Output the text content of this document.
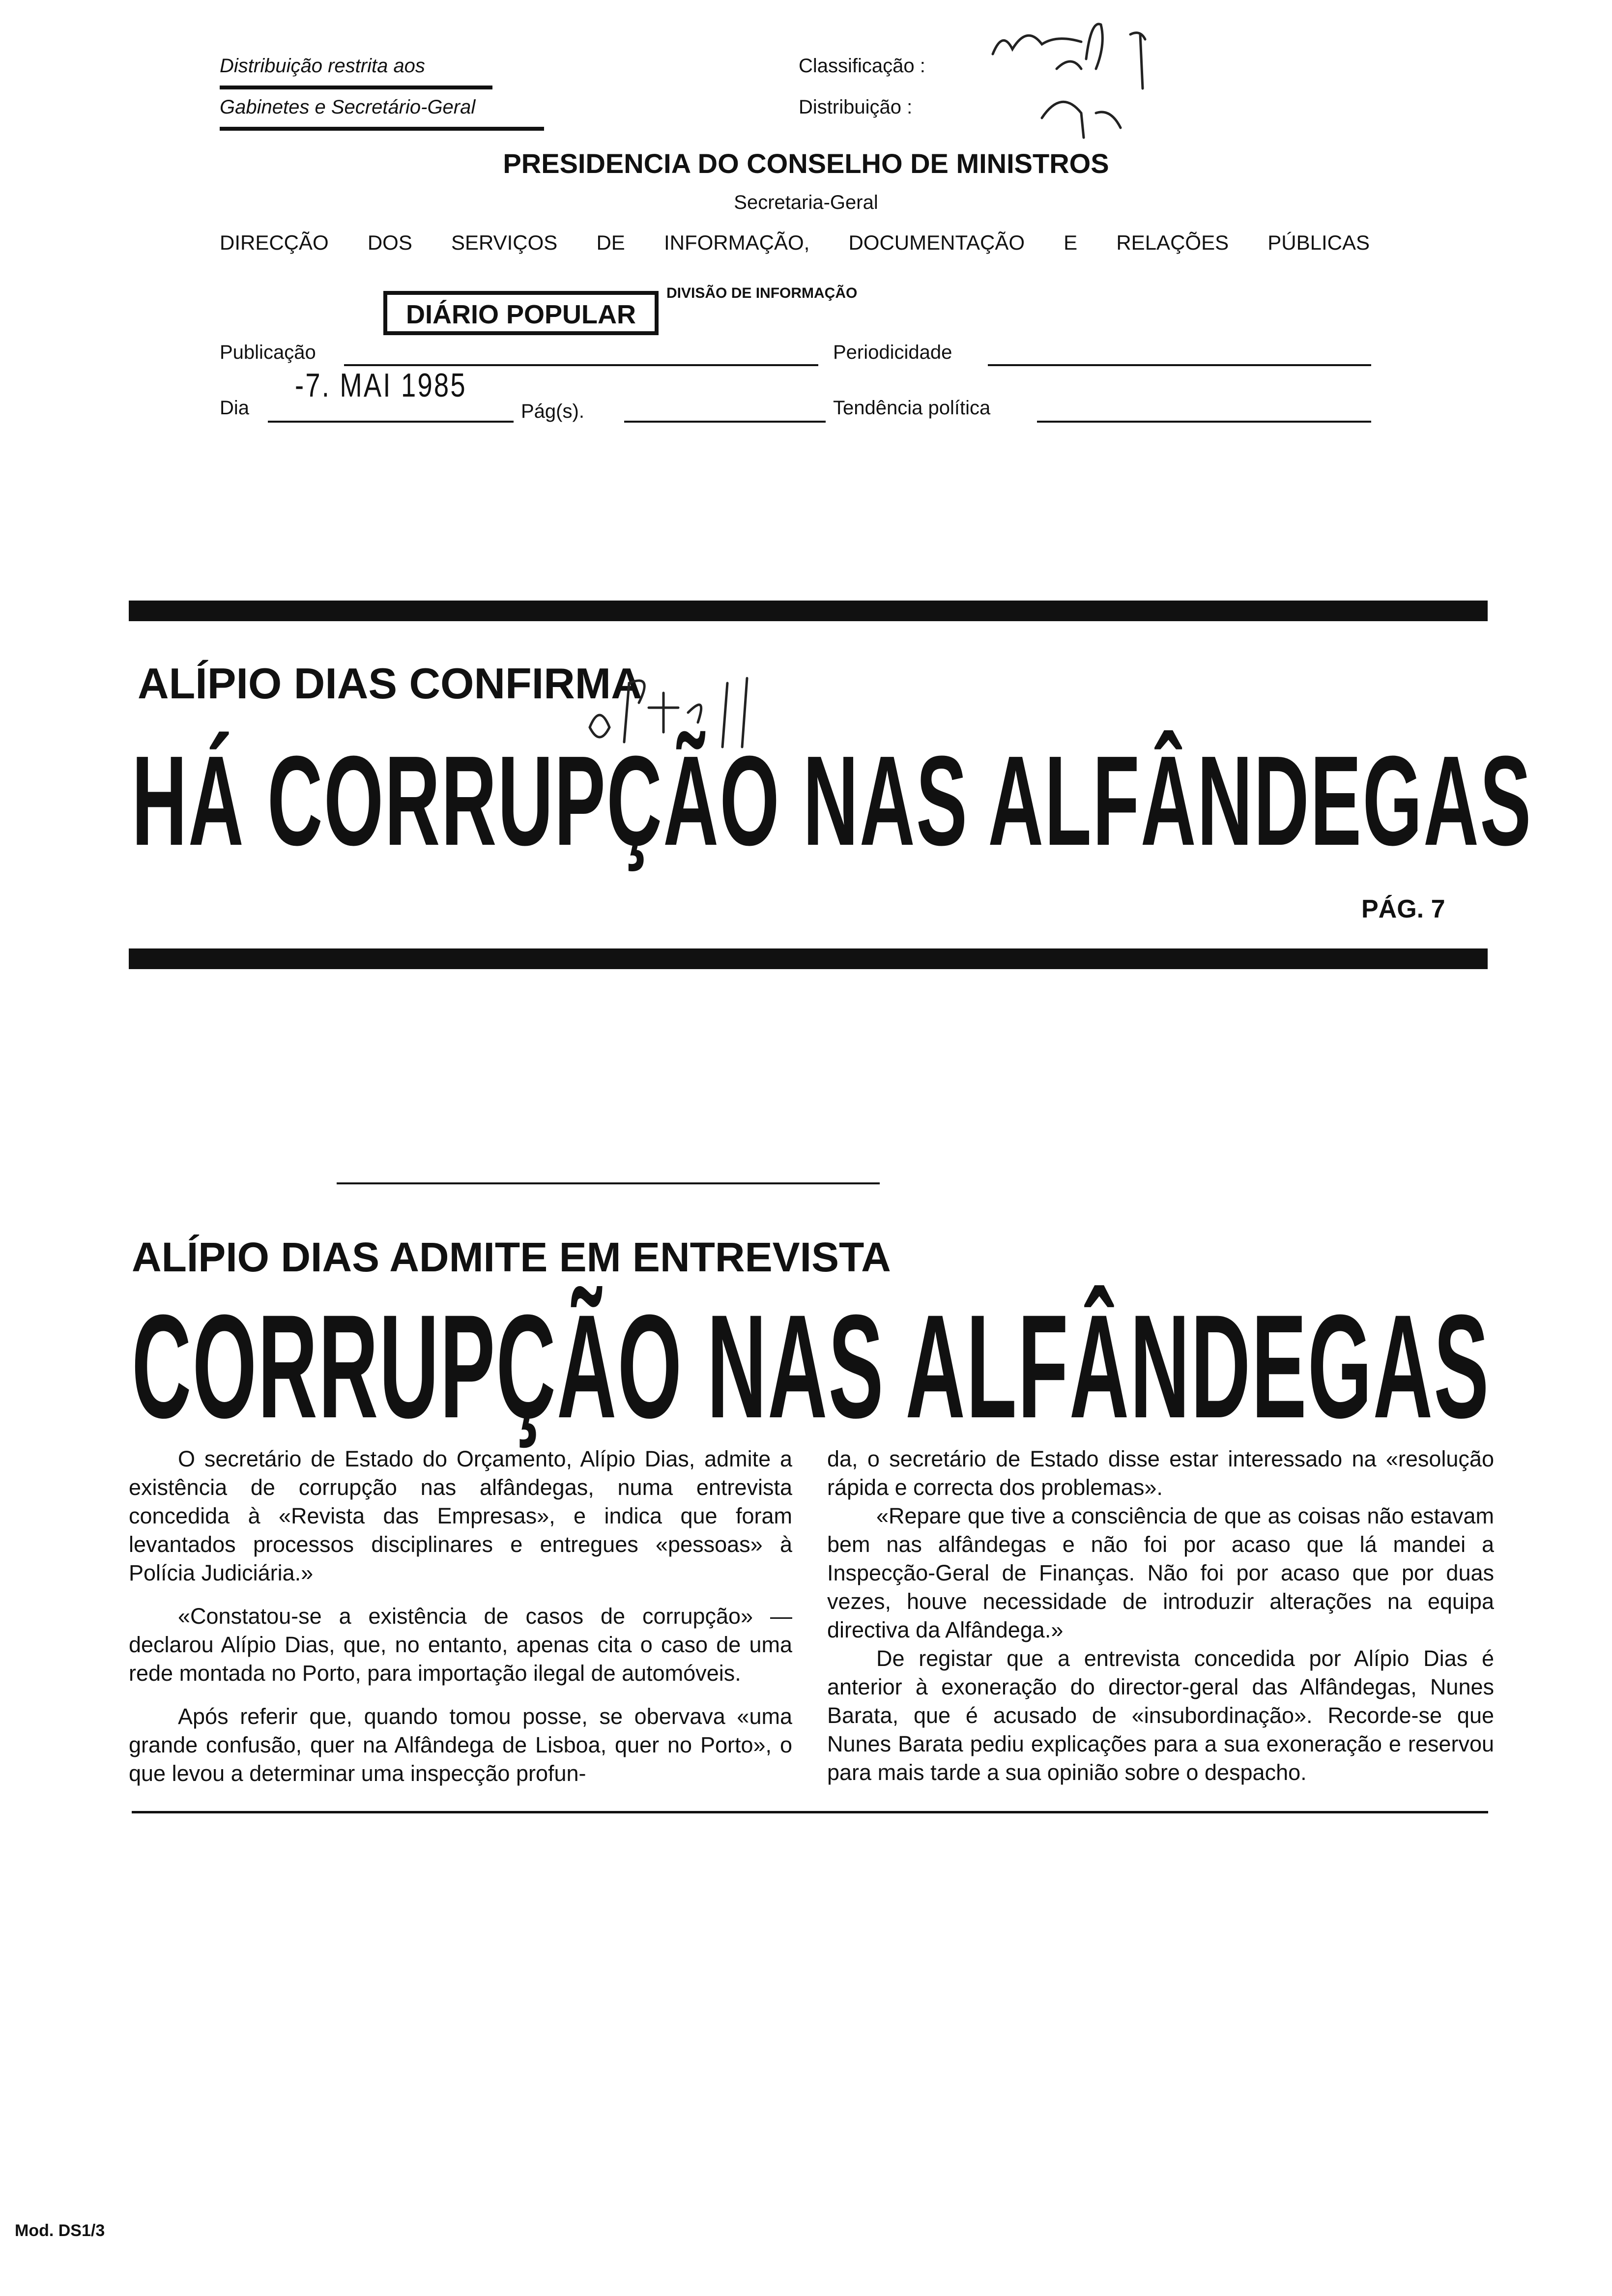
Distribuição restrita aos
Gabinetes e Secretário-Geral
Classificação :
Distribuição :
PRESIDENCIA DO CONSELHO DE MINISTROS
Secretaria-Geral
DIRECÇÃO DOS SERVIÇOS DE INFORMAÇÃO, DOCUMENTAÇÃO E RELAÇÕES PÚBLICAS
DIÁRIO POPULAR
DIVISÃO DE INFORMAÇÃO
Publicação	Periodicidade
-7. MAI 1985
Dia	Pág(s).	Tendência política
ALÍPIO DIAS CONFIRMA
HÁ CORRUPÇÃO NAS ALFÂNDEGAS
PÁG. 7
ALÍPIO DIAS ADMITE EM ENTREVISTA
CORRUPÇÃO NAS ALFÂNDEGAS

O secretário de Estado do Orçamento, Alípio Dias, admite a existência de corrupção nas alfândegas, numa entrevista concedida à «Revista das Empresas», e indica que foram levantados processos disciplinares e entregues «pessoas» à Polícia Judiciária.»

«Constatou-se a existência de casos de corrupção» — declarou Alípio Dias, que, no entanto, apenas cita o caso de uma rede montada no Porto, para importação ilegal de automóveis.

Após referir que, quando tomou posse, se obervava «uma grande confusão, quer na Alfândega de Lisboa, quer no Porto», o que levou a determinar uma inspecção profun-

da, o secretário de Estado disse estar interessado na «resolução rápida e correcta dos problemas».

«Repare que tive a consciência de que as coisas não estavam bem nas alfândegas e não foi por acaso que lá mandei a Inspecção-Geral de Finanças. Não foi por acaso que por duas vezes, houve necessidade de introduzir alterações na equipa directiva da Alfândega.»

De registar que a entrevista concedida por Alípio Dias é anterior à exoneração do director-geral das Alfândegas, Nunes Barata, que é acusado de «insubordinação». Recorde-se que Nunes Barata pediu explicações para a sua exoneração e reservou para mais tarde a sua opinião sobre o despacho.

Mod. DS1/3
